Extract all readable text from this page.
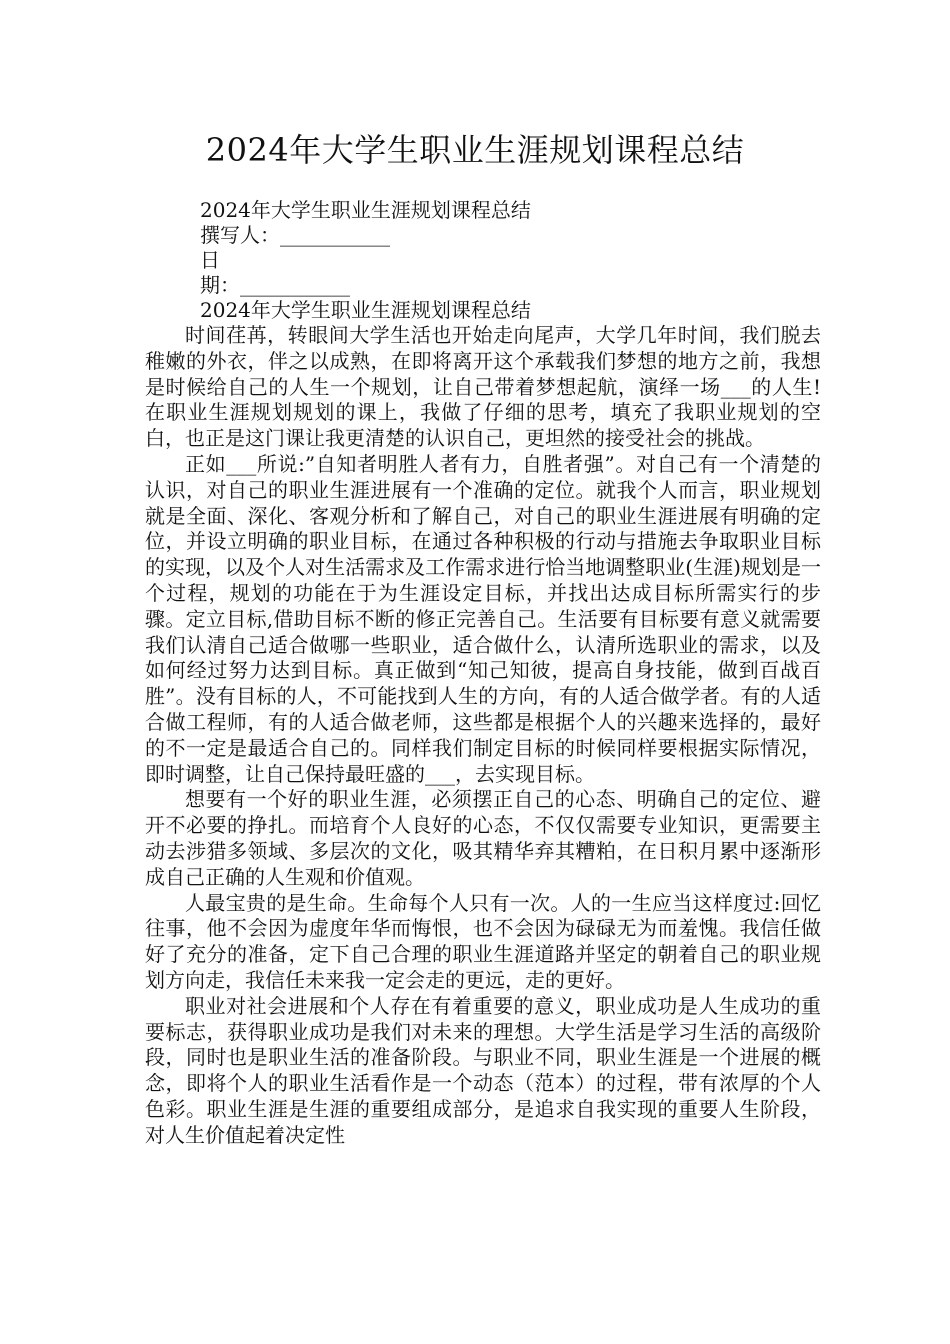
2024年大学生职业生涯规划课程总结
2024年大学生职业生涯规划课程总结
撰写人：___________
日
期：___________
2024年大学生职业生涯规划课程总结

时间荏苒，转眼间大学生活也开始走向尾声，大学几年时间，我们脱去稚嫩的外衣，伴之以成熟，在即将离开这个承载我们梦想的地方之前，我想是时候给自己的人生一个规划，让自己带着梦想起航，演绎一场___的人生!在职业生涯规划规划的课上，我做了仔细的思考，填充了我职业规划的空白，也正是这门课让我更清楚的认识自己，更坦然的接受社会的挑战。

正如___所说:”自知者明胜人者有力，自胜者强”。对自己有一个清楚的认识，对自己的职业生涯进展有一个准确的定位。就我个人而言，职业规划就是全面、深化、客观分析和了解自己，对自己的职业生涯进展有明确的定位，并设立明确的职业目标，在通过各种积极的行动与措施去争取职业目标的实现，以及个人对生活需求及工作需求进行恰当地调整职业(生涯)规划是一个过程，规划的功能在于为生涯设定目标，并找出达成目标所需实行的步骤。定立目标,借助目标不断的修正完善自己。生活要有目标要有意义就需要我们认清自己适合做哪一些职业，适合做什么，认清所选职业的需求，以及如何经过努力达到目标。真正做到“知己知彼，提高自身技能，做到百战百胜”。没有目标的人，不可能找到人生的方向，有的人适合做学者。有的人适合做工程师，有的人适合做老师，这些都是根据个人的兴趣来选择的，最好的不一定是最适合自己的。同样我们制定目标的时候同样要根据实际情况，即时调整，让自己保持最旺盛的___，去实现目标。

想要有一个好的职业生涯，必须摆正自己的心态、明确自己的定位、避开不必要的挣扎。而培育个人良好的心态，不仅仅需要专业知识，更需要主动去涉猎多领域、多层次的文化，吸其精华弃其糟粕，在日积月累中逐渐形成自己正确的人生观和价值观。

人最宝贵的是生命。生命每个人只有一次。人的一生应当这样度过:回忆往事，他不会因为虚度年华而悔恨，也不会因为碌碌无为而羞愧。我信任做好了充分的准备，定下自己合理的职业生涯道路并坚定的朝着自己的职业规划方向走，我信任未来我一定会走的更远，走的更好。

职业对社会进展和个人存在有着重要的意义，职业成功是人生成功的重要标志，获得职业成功是我们对未来的理想。大学生活是学习生活的高级阶段，同时也是职业生活的准备阶段。与职业不同，职业生涯是一个进展的概念，即将个人的职业生活看作是一个动态（范本）的过程，带有浓厚的个人色彩。职业生涯是生涯的重要组成部分，是追求自我实现的重要人生阶段，对人生价值起着决定性
